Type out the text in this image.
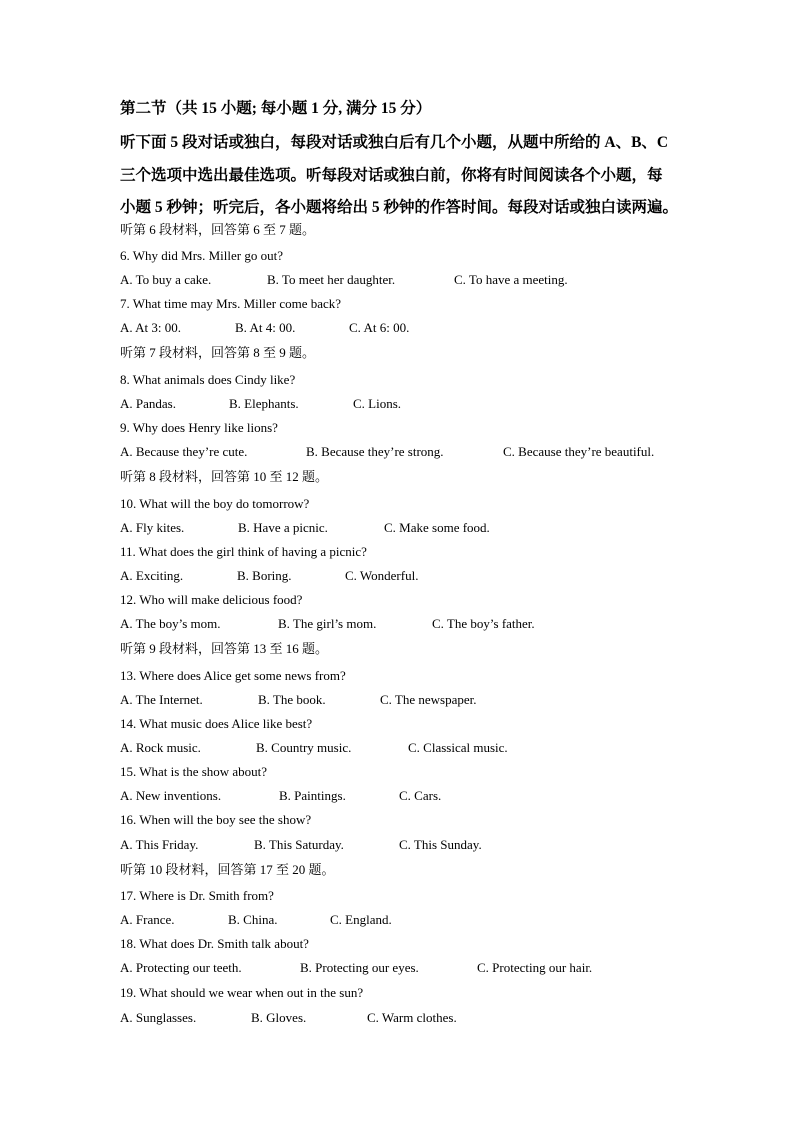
第二节（共 15 小题; 每小题 1 分, 满分 15 分）
听下面 5 段对话或独白，每段对话或独白后有几个小题，从题中所给的 A、B、C
三个选项中选出最佳选项。听每段对话或独白前，你将有时间阅读各个小题，每
小题 5 秒钟；听完后，各小题将给出 5 秒钟的作答时间。每段对话或独白读两遍。
听第 6 段材料，回答第 6 至 7 题。
6. Why did Mrs. Miller go out?
A. To buy a cake.	B. To meet her daughter.	C. To have a meeting.
7. What time may Mrs. Miller come back?
A. At 3: 00.	B. At 4: 00.	C. At 6: 00.
听第 7 段材料，回答第 8 至 9 题。
8. What animals does Cindy like?
A. Pandas.	B. Elephants.	C. Lions.
9. Why does Henry like lions?
A. Because they’re cute.	B. Because they’re strong.	C. Because they’re beautiful.
听第 8 段材料，回答第 10 至 12 题。
10. What will the boy do tomorrow?
A. Fly kites.	B. Have a picnic.	C. Make some food.
11. What does the girl think of having a picnic?
A. Exciting.	B. Boring.	C. Wonderful.
12. Who will make delicious food?
A. The boy’s mom.	B. The girl’s mom.	C. The boy’s father.
听第 9 段材料，回答第 13 至 16 题。
13. Where does Alice get some news from?
A. The Internet.	B. The book.	C. The newspaper.
14. What music does Alice like best?
A. Rock music.	B. Country music.	C. Classical music.
15. What is the show about?
A. New inventions.	B. Paintings.	C. Cars.
16. When will the boy see the show?
A. This Friday.	B. This Saturday.	C. This Sunday.
听第 10 段材料，回答第 17 至 20 题。
17. Where is Dr. Smith from?
A. France.	B. China.	C. England.
18. What does Dr. Smith talk about?
A. Protecting our teeth.	B. Protecting our eyes.	C. Protecting our hair.
19. What should we wear when out in the sun?
A. Sunglasses.	B. Gloves.	C. Warm clothes.
